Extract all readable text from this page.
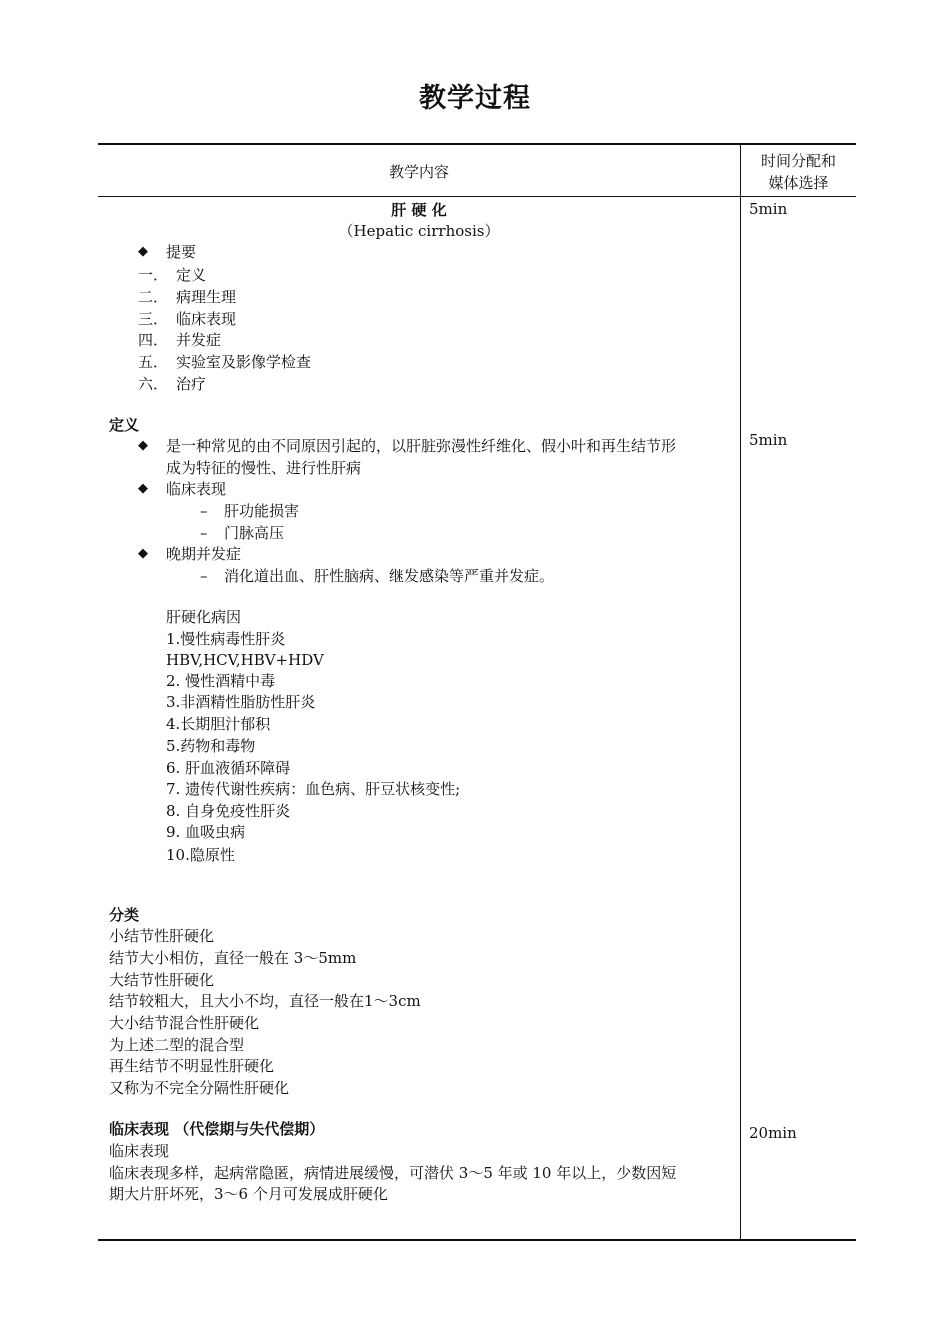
教学过程
教学内容
时间分配和
媒体选择
5min
5min
20min
肝 硬 化
（Hepatic cirrhosis）
◆ 提要
一． 定义
二． 病理生理
三． 临床表现
四． 并发症
五． 实验室及影像学检查
六． 治疗
定义
◆ 是一种常见的由不同原因引起的，以肝脏弥漫性纤维化、假小叶和再生结节形
成为特征的慢性、进行性肝病
◆ 临床表现
– 肝功能损害
– 门脉高压
◆ 晚期并发症
– 消化道出血、肝性脑病、继发感染等严重并发症。
肝硬化病因
1.慢性病毒性肝炎
HBV,HCV,HBV+HDV
2. 慢性酒精中毒
3.非酒精性脂肪性肝炎
4.长期胆汁郁积
5.药物和毒物
6. 肝血液循环障碍
7. 遗传代谢性疾病：血色病、肝豆状核变性;
8. 自身免疫性肝炎
9. 血吸虫病
10.隐原性
分类
小结节性肝硬化
结节大小相仿，直径一般在 3～5mm
大结节性肝硬化
结节较粗大，且大小不均，直径一般在1～3cm
大小结节混合性肝硬化
为上述二型的混合型
再生结节不明显性肝硬化
又称为不完全分隔性肝硬化
临床表现 （代偿期与失代偿期）
临床表现
临床表现多样，起病常隐匿，病情进展缓慢，可潜伏 3～5 年或 10 年以上，少数因短
期大片肝坏死，3～6 个月可发展成肝硬化
